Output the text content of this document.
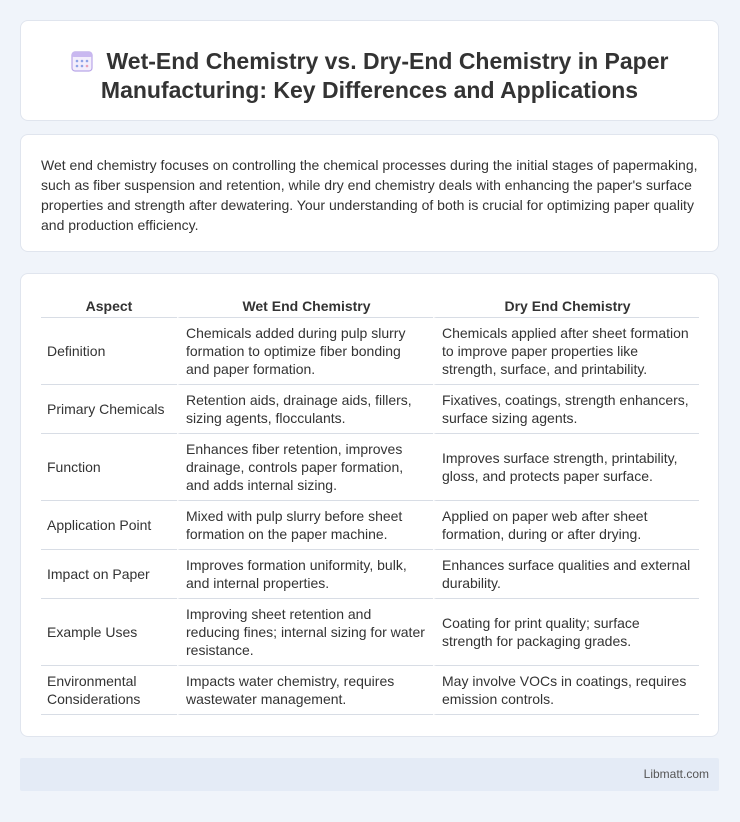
Wet-End Chemistry vs. Dry-End Chemistry in Paper
Manufacturing: Key Differences and Applications

Wet end chemistry focuses on controlling the chemical processes during the initial stages of papermaking, such as fiber suspension and retention, while dry end chemistry deals with enhancing the paper's surface properties and strength after dewatering. Your understanding of both is crucial for optimizing paper quality and production efficiency.

Aspect	Wet End Chemistry	Dry End Chemistry
Definition	Chemicals added during pulp slurry formation to optimize fiber bonding and paper formation.	Chemicals applied after sheet formation to improve paper properties like strength, surface, and printability.
Primary Chemicals	Retention aids, drainage aids, fillers, sizing agents, flocculants.	Fixatives, coatings, strength enhancers, surface sizing agents.
Function	Enhances fiber retention, improves drainage, controls paper formation, and adds internal sizing.	Improves surface strength, printability, gloss, and protects paper surface.
Application Point	Mixed with pulp slurry before sheet formation on the paper machine.	Applied on paper web after sheet formation, during or after drying.
Impact on Paper	Improves formation uniformity, bulk, and internal properties.	Enhances surface qualities and external durability.
Example Uses	Improving sheet retention and reducing fines; internal sizing for water resistance.	Coating for print quality; surface strength for packaging grades.
Environmental Considerations	Impacts water chemistry, requires wastewater management.	May involve VOCs in coatings, requires emission controls.
Libmatt.com
